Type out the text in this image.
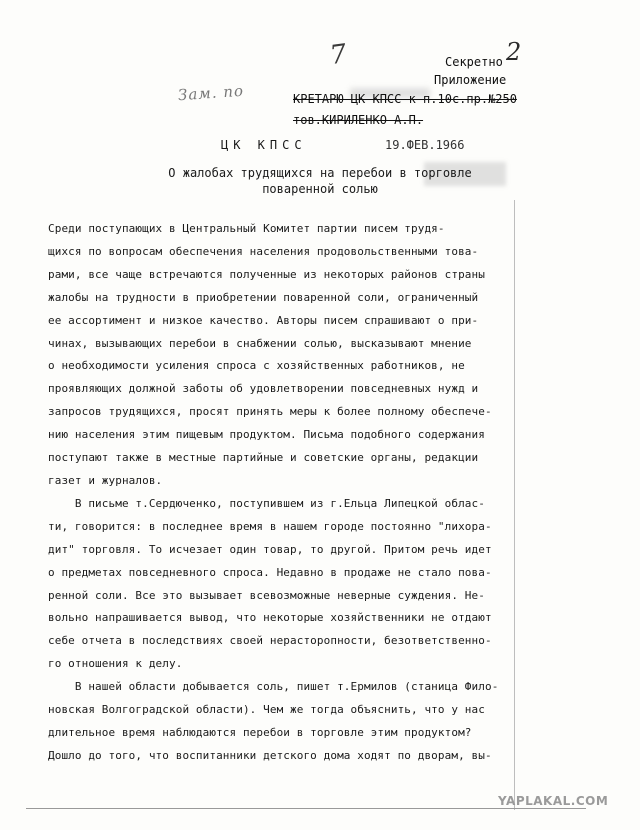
7
Зам. по
2
Секретно
Приложение
КРЕТАРЮ ЦК КПСС к п.10с.пр.№250
тов.КИРИЛЕНКО А.П.
ЦК КПСС	19.ФЕВ.1966
О жалобах трудящихся на перебои в торговле
поваренной солью
Среди поступающих в Центральный Комитет партии писем трудя-
щихся по вопросам обеспечения населения продовольственными това-
рами, все чаще встречаются полученные из некоторых районов страны
жалобы на трудности в приобретении поваренной соли, ограниченный
ее ассортимент и низкое качество. Авторы писем спрашивают о при-
чинах, вызывающих перебои в снабжении солью, высказывают мнение
о необходимости усиления спроса с хозяйственных работников, не
проявляющих должной заботы об удовлетворении повседневных нужд и
запросов трудящихся, просят принять меры к более полному обеспече-
нию населения этим пищевым продуктом. Письма подобного содержания
поступают также в местные партийные и советские органы, редакции
газет и журналов.
В письме т.Сердюченко, поступившем из г.Ельца Липецкой облас-
ти, говорится: в последнее время в нашем городе постоянно "лихора-
дит" торговля. То исчезает один товар, то другой. Притом речь идет
о предметах повседневного спроса. Недавно в продаже не стало пова-
ренной соли. Все это вызывает всевозможные неверные суждения. Не-
вольно напрашивается вывод, что некоторые хозяйственники не отдают
себе отчета в последствиях своей нерасторопности, безответственно-
го отношения к делу.
В нашей области добывается соль, пишет т.Ермилов (станица Фило-
новская Волгоградской области). Чем же тогда объяснить, что у нас
длительное время наблюдаются перебои в торговле этим продуктом?
Дошло до того, что воспитанники детского дома ходят по дворам, вы-
YAPLAKAL.COM
